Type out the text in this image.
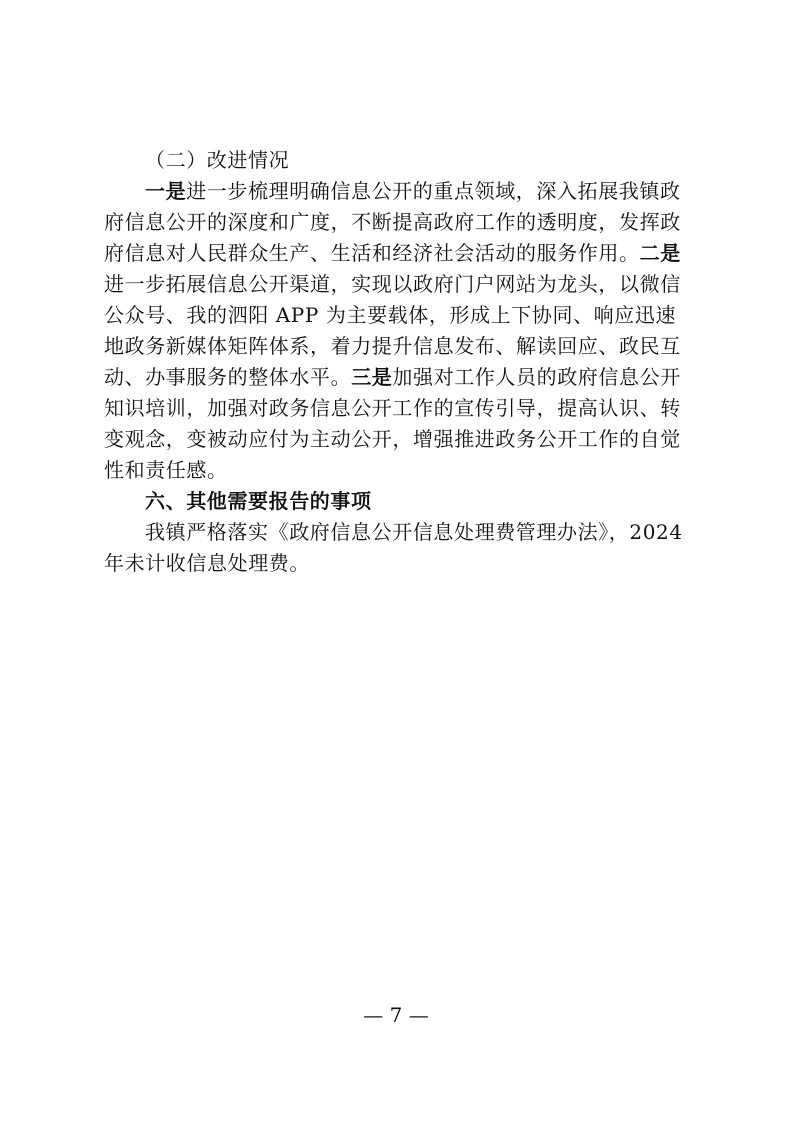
（二）改进情况
一是进一步梳理明确信息公开的重点领域，深入拓展我镇政
府信息公开的深度和广度，不断提高政府工作的透明度，发挥政
府信息对人民群众生产、生活和经济社会活动的服务作用。二是
进一步拓展信息公开渠道，实现以政府门户网站为龙头，以微信
公众号、我的泗阳 APP 为主要载体，形成上下协同、响应迅速
地政务新媒体矩阵体系，着力提升信息发布、解读回应、政民互
动、办事服务的整体水平。三是加强对工作人员的政府信息公开
知识培训，加强对政务信息公开工作的宣传引导，提高认识、转
变观念，变被动应付为主动公开，增强推进政务公开工作的自觉
性和责任感。
六、其他需要报告的事项
我镇严格落实《政府信息公开信息处理费管理办法》，2024
年未计收信息处理费。
— 7 —
